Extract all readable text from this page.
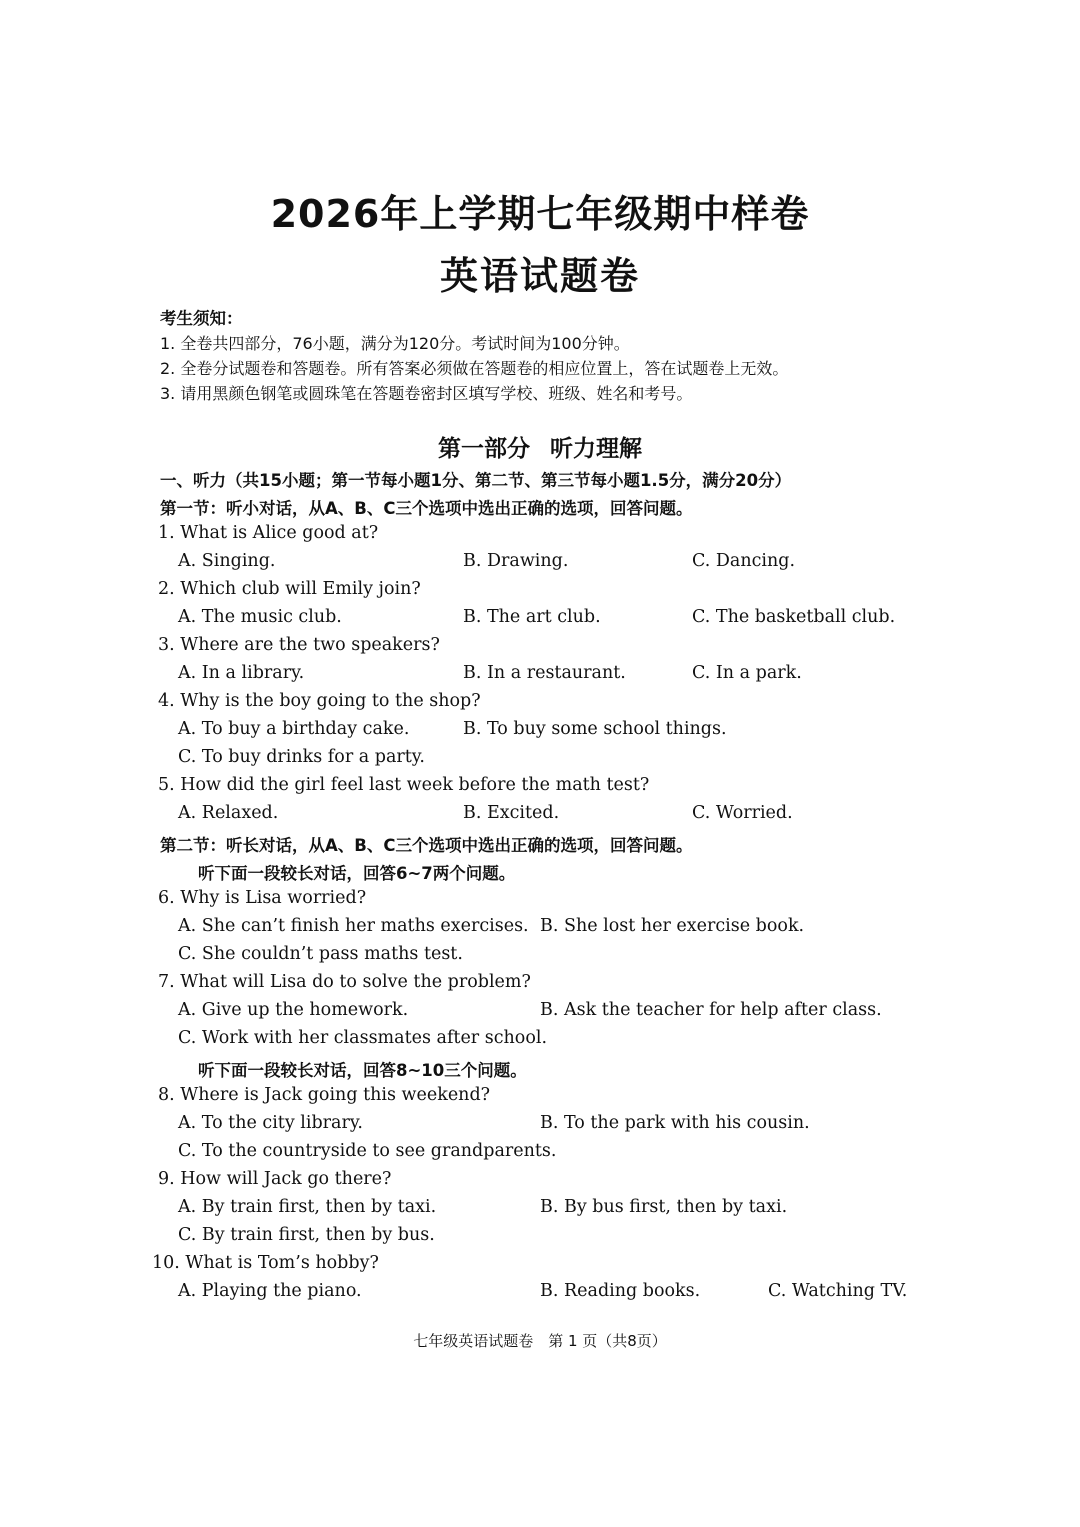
2026年上学期七年级期中样卷
英语试题卷
考生须知：
1. 全卷共四部分，76小题，满分为120分。考试时间为100分钟。
2. 全卷分试题卷和答题卷。所有答案必须做在答题卷的相应位置上，答在试题卷上无效。
3. 请用黑颜色钢笔或圆珠笔在答题卷密封区填写学校、班级、姓名和考号。
第一部分 听力理解
一、听力（共15小题；第一节每小题1分、第二节、第三节每小题1.5分，满分20分）
第一节：听小对话，从A、B、C三个选项中选出正确的选项，回答问题。
1. What is Alice good at?
A. Singing.	B. Drawing.	C. Dancing.
2. Which club will Emily join?
A. The music club.	B. The art club.	C. The basketball club.
3. Where are the two speakers?
A. In a library.	B. In a restaurant.	C. In a park.
4. Why is the boy going to the shop?
A. To buy a birthday cake.	B. To buy some school things.
C. To buy drinks for a party.
5. How did the girl feel last week before the math test?
A. Relaxed.	B. Excited.	C. Worried.
第二节：听长对话，从A、B、C三个选项中选出正确的选项，回答问题。
听下面一段较长对话，回答6~7两个问题。
6. Why is Lisa worried?
A. She can’t finish her maths exercises. B. She lost her exercise book.
C. She couldn’t pass maths test.
7. What will Lisa do to solve the problem?
A. Give up the homework.	B. Ask the teacher for help after class.
C. Work with her classmates after school.
听下面一段较长对话，回答8~10三个问题。
8. Where is Jack going this weekend?
A. To the city library.	B. To the park with his cousin.
C. To the countryside to see grandparents.
9. How will Jack go there?
A. By train first, then by taxi.	B. By bus first, then by taxi.
C. By train first, then by bus.
10. What is Tom’s hobby?
A. Playing the piano.	B. Reading books.	C. Watching TV.
七年级英语试题卷　第 1 页（共8页）
